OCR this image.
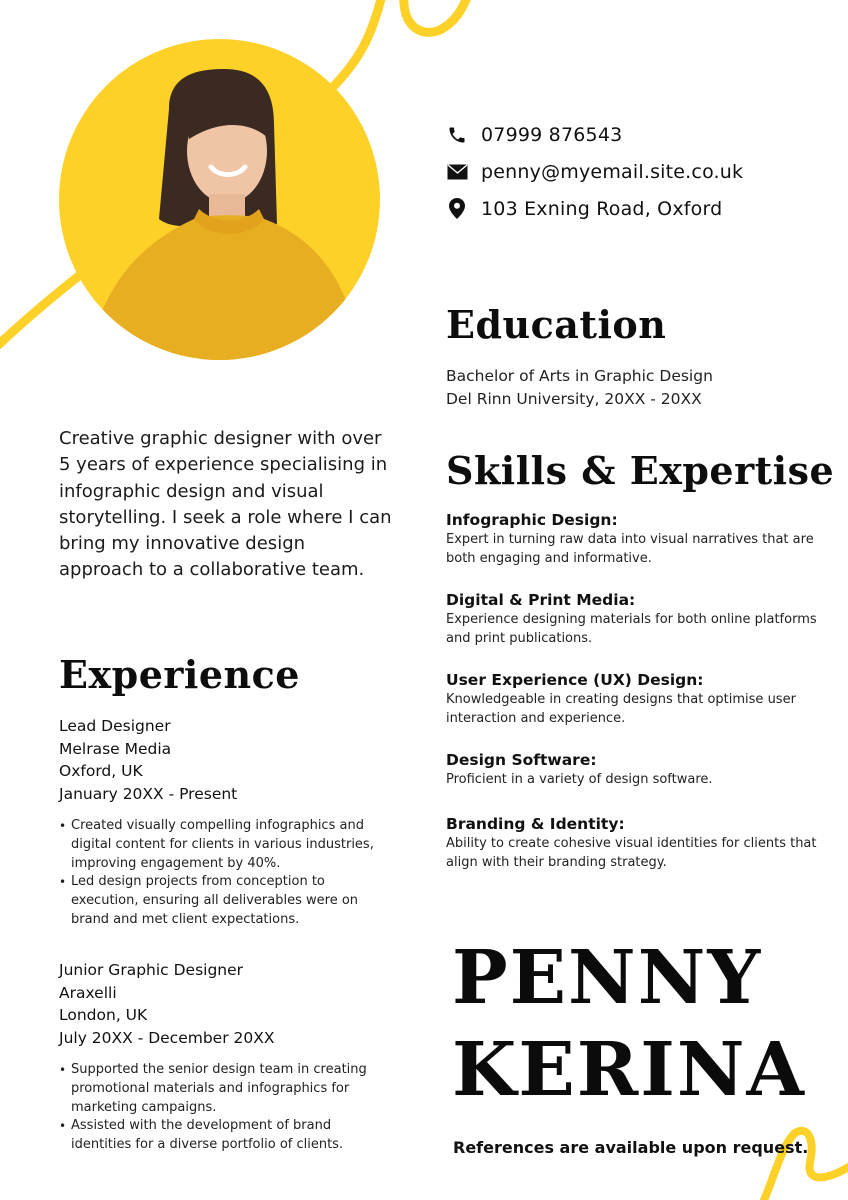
07999 876543
penny@myemail.site.co.uk
103 Exning Road, Oxford
Education
Bachelor of Arts in Graphic Design
Del Rinn University, 20XX - 20XX
Creative graphic designer with over 5 years of experience specialising in infographic design and visual storytelling. I seek a role where I can bring my innovative design approach to a collaborative team.
Skills & Expertise
Infographic Design:
Expert in turning raw data into visual narratives that are both engaging and informative.
Digital & Print Media:
Experience designing materials for both online platforms and print publications.
User Experience (UX) Design:
Knowledgeable in creating designs that optimise user interaction and experience.
Design Software:
Proficient in a variety of design software.
Branding & Identity:
Ability to create cohesive visual identities for clients that align with their branding strategy.
Experience
Lead Designer
Melrase Media
Oxford, UK
January 20XX - Present
• Created visually compelling infographics and digital content for clients in various industries, improving engagement by 40%.
• Led design projects from conception to execution, ensuring all deliverables were on brand and met client expectations.
Junior Graphic Designer
Araxelli
London, UK
July 20XX - December 20XX
• Supported the senior design team in creating promotional materials and infographics for marketing campaigns.
• Assisted with the development of brand identities for a diverse portfolio of clients.
PENNY
KERINA
References are available upon request.
